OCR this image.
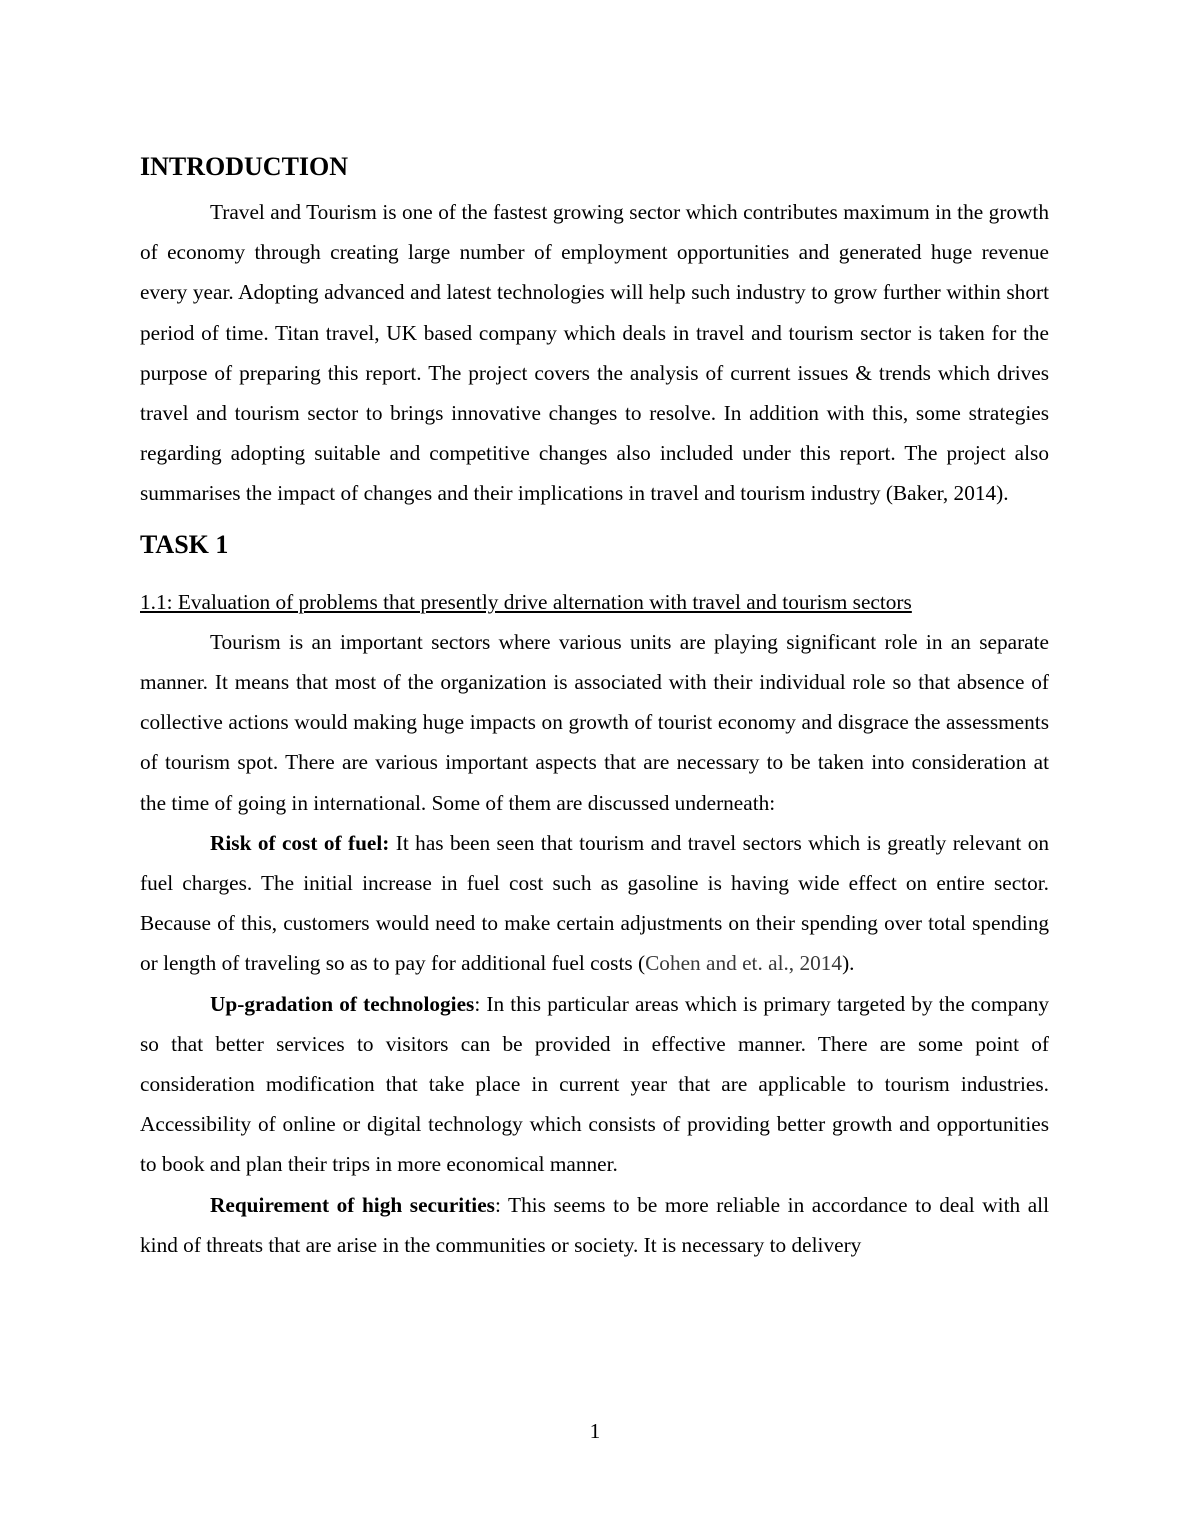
INTRODUCTION

Travel and Tourism is one of the fastest growing sector which contributes maximum in the growth of economy through creating large number of employment opportunities and generated huge revenue every year. Adopting advanced and latest technologies will help such industry to grow further within short period of time. Titan travel, UK based company which deals in travel and tourism sector is taken for the purpose of preparing this report. The project covers the analysis of current issues & trends which drives travel and tourism sector to brings innovative changes to resolve. In addition with this, some strategies regarding adopting suitable and competitive changes also included under this report. The project also summarises the impact of changes and their implications in travel and tourism industry (Baker, 2014).

TASK 1

1.1: Evaluation of problems that presently drive alternation with travel and tourism sectors

Tourism is an important sectors where various units are playing significant role in an separate manner. It means that most of the organization is associated with their individual role so that absence of collective actions would making huge impacts on growth of tourist economy and disgrace the assessments of tourism spot. There are various important aspects that are necessary to be taken into consideration at the time of going in international. Some of them are discussed underneath:

Risk of cost of fuel: It has been seen that tourism and travel sectors which is greatly relevant on fuel charges. The initial increase in fuel cost such as gasoline is having wide effect on entire sector. Because of this, customers would need to make certain adjustments on their spending over total spending or length of traveling so as to pay for additional fuel costs (Cohen and et. al., 2014).

Up-gradation of technologies: In this particular areas which is primary targeted by the company so that better services to visitors can be provided in effective manner. There are some point of consideration modification that take place in current year that are applicable to tourism industries. Accessibility of online or digital technology which consists of providing better growth and opportunities to book and plan their trips in more economical manner.

Requirement of high securities: This seems to be more reliable in accordance to deal with all kind of threats that are arise in the communities or society. It is necessary to delivery

1
